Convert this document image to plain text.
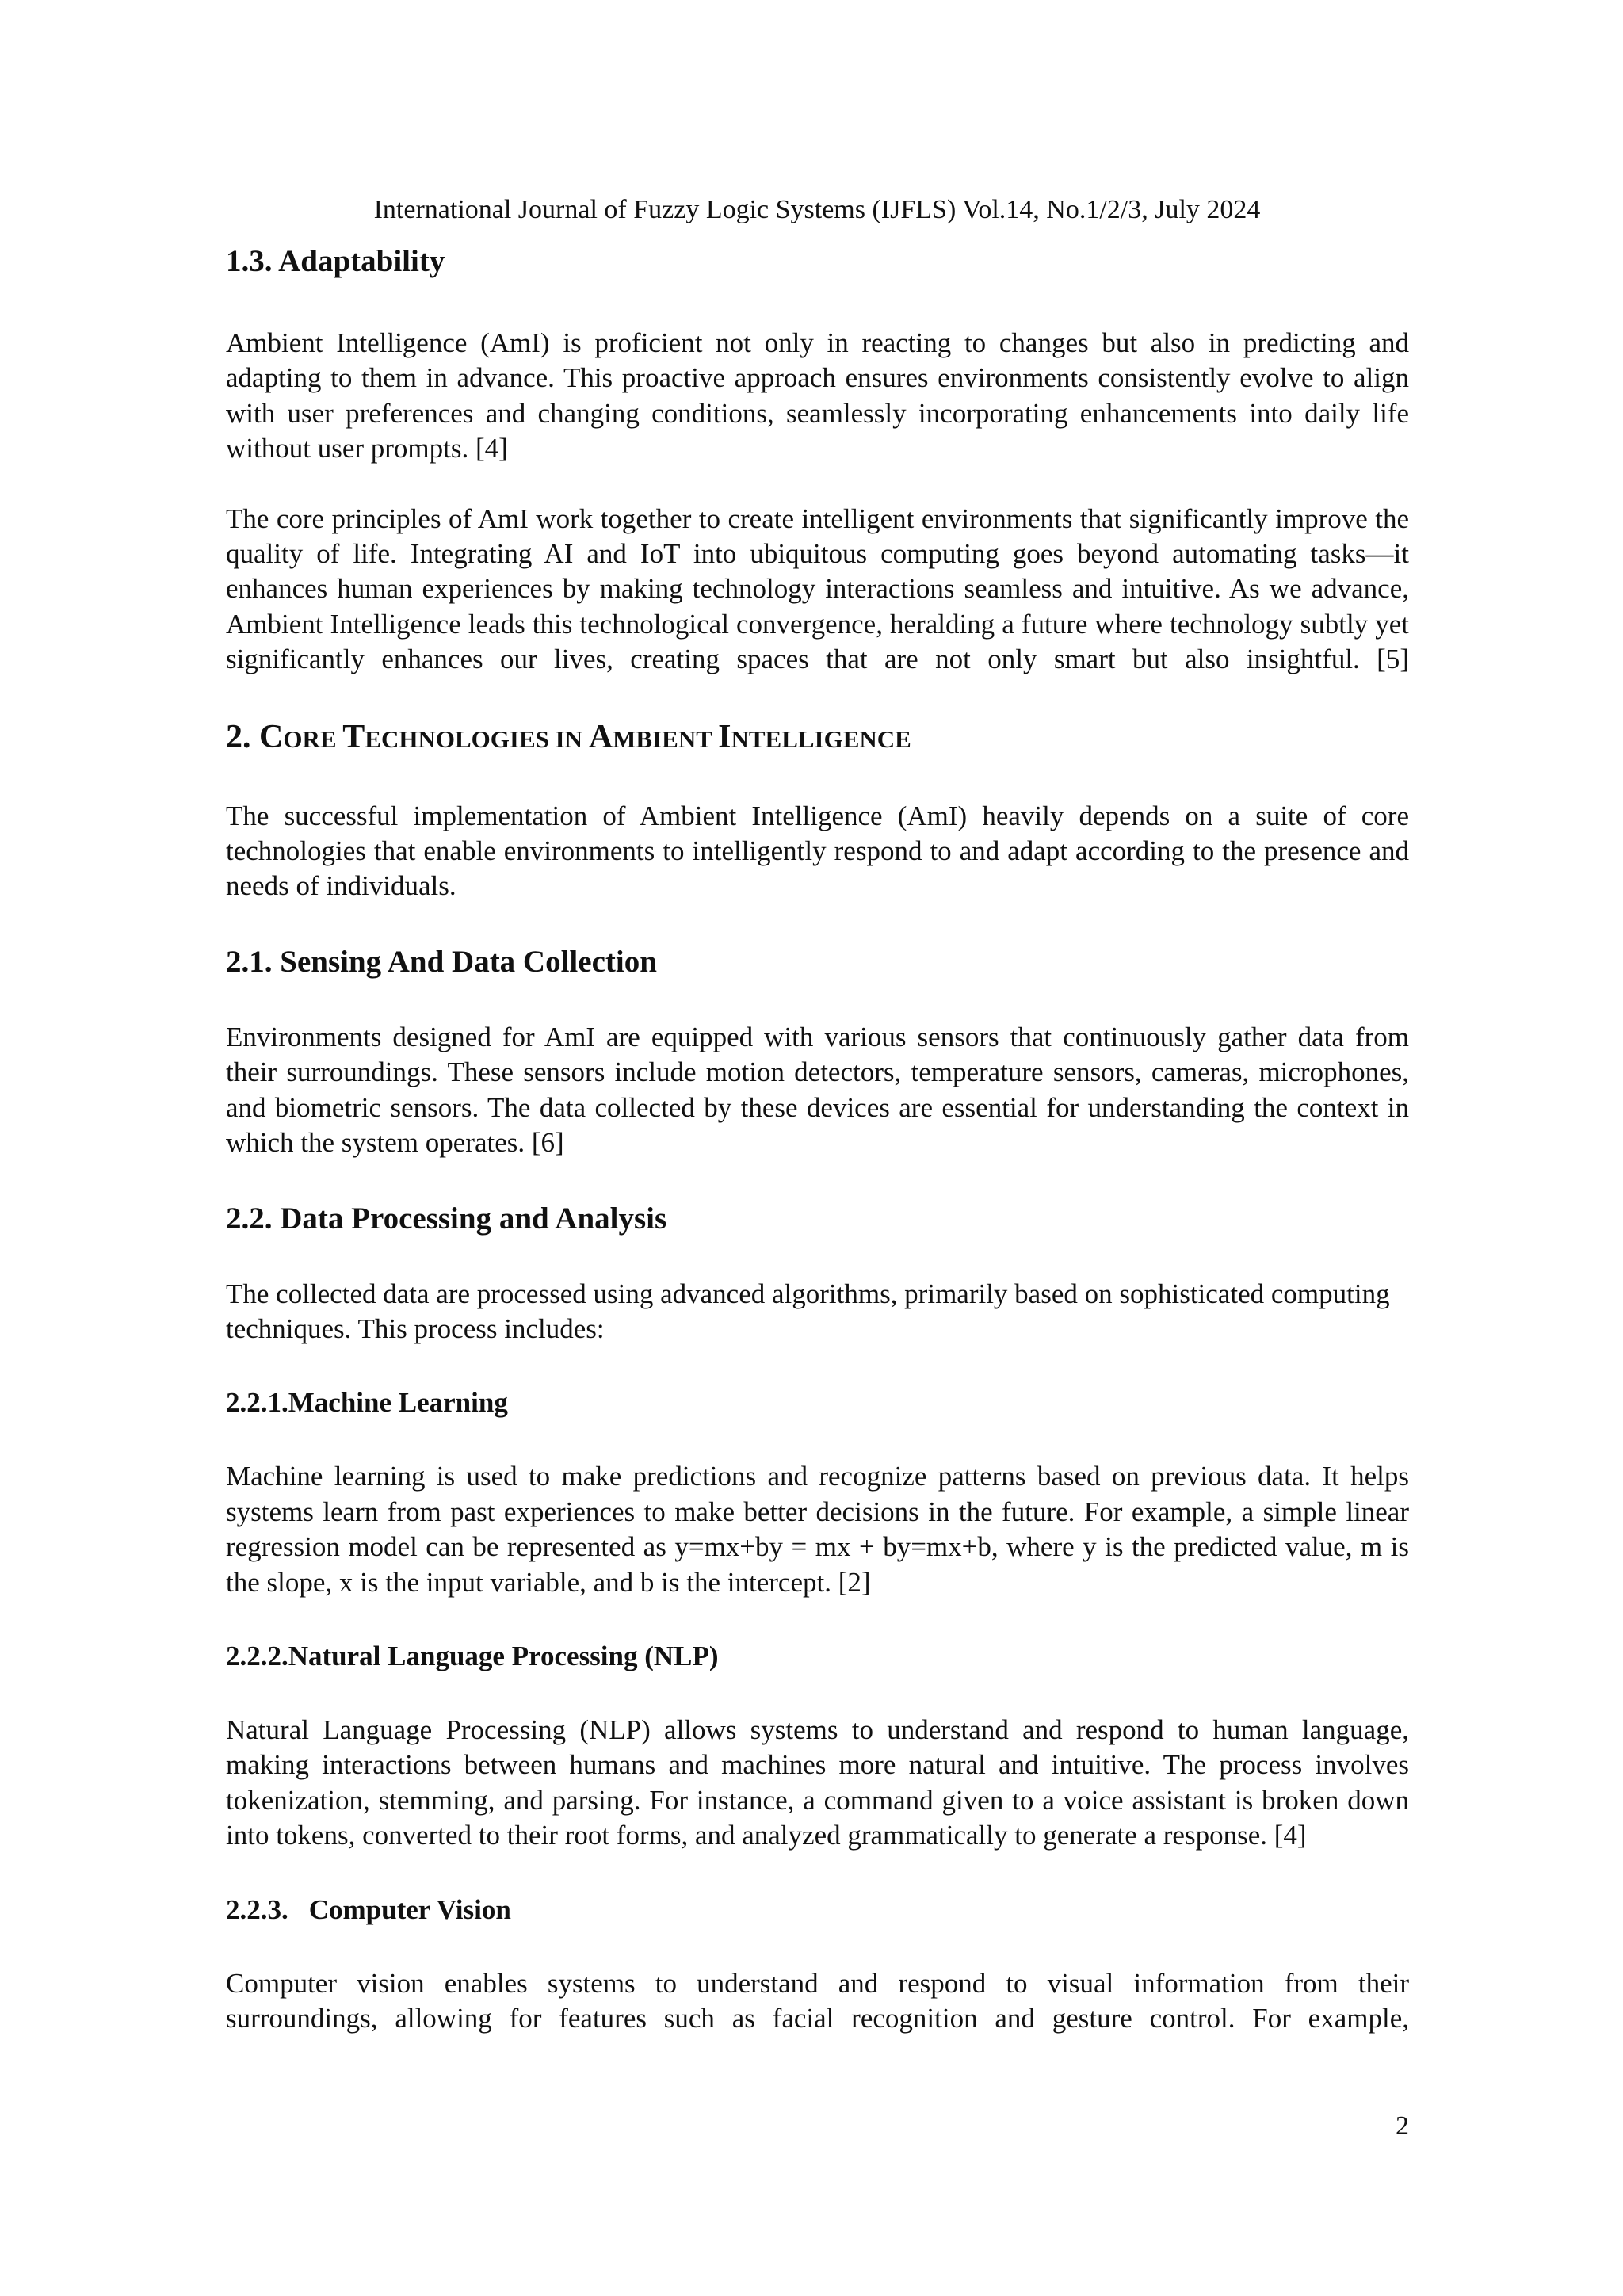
International Journal of Fuzzy Logic Systems (IJFLS) Vol.14, No.1/2/3, July 2024
1.3. Adaptability

Ambient Intelligence (AmI) is proficient not only in reacting to changes but also in predicting and adapting to them in advance. This proactive approach ensures environments consistently evolve to align with user preferences and changing conditions, seamlessly incorporating enhancements into daily life without user prompts. [4]

The core principles of AmI work together to create intelligent environments that significantly improve the quality of life. Integrating AI and IoT into ubiquitous computing goes beyond automating tasks—it enhances human experiences by making technology interactions seamless and intuitive. As we advance, Ambient Intelligence leads this technological convergence, heralding a future where technology subtly yet significantly enhances our lives, creating spaces that are not only smart but also insightful. [5]

2. CORE TECHNOLOGIES IN AMBIENT INTELLIGENCE

The successful implementation of Ambient Intelligence (AmI) heavily depends on a suite of core technologies that enable environments to intelligently respond to and adapt according to the presence and needs of individuals.

2.1. Sensing And Data Collection

Environments designed for AmI are equipped with various sensors that continuously gather data from their surroundings. These sensors include motion detectors, temperature sensors, cameras, microphones, and biometric sensors. The data collected by these devices are essential for understanding the context in which the system operates. [6]

2.2. Data Processing and Analysis

The collected data are processed using advanced algorithms, primarily based on sophisticated computing techniques. This process includes:

2.2.1.Machine Learning

Machine learning is used to make predictions and recognize patterns based on previous data. It helps systems learn from past experiences to make better decisions in the future. For example, a simple linear regression model can be represented as y=mx+by = mx + by=mx+b, where y is the predicted value, m is the slope, x is the input variable, and b is the intercept. [2]

2.2.2.Natural Language Processing (NLP)

Natural Language Processing (NLP) allows systems to understand and respond to human language, making interactions between humans and machines more natural and intuitive. The process involves tokenization, stemming, and parsing. For instance, a command given to a voice assistant is broken down into tokens, converted to their root forms, and analyzed grammatically to generate a response. [4]

2.2.3. Computer Vision

Computer vision enables systems to understand and respond to visual information from their surroundings, allowing for features such as facial recognition and gesture control. For example,

2
